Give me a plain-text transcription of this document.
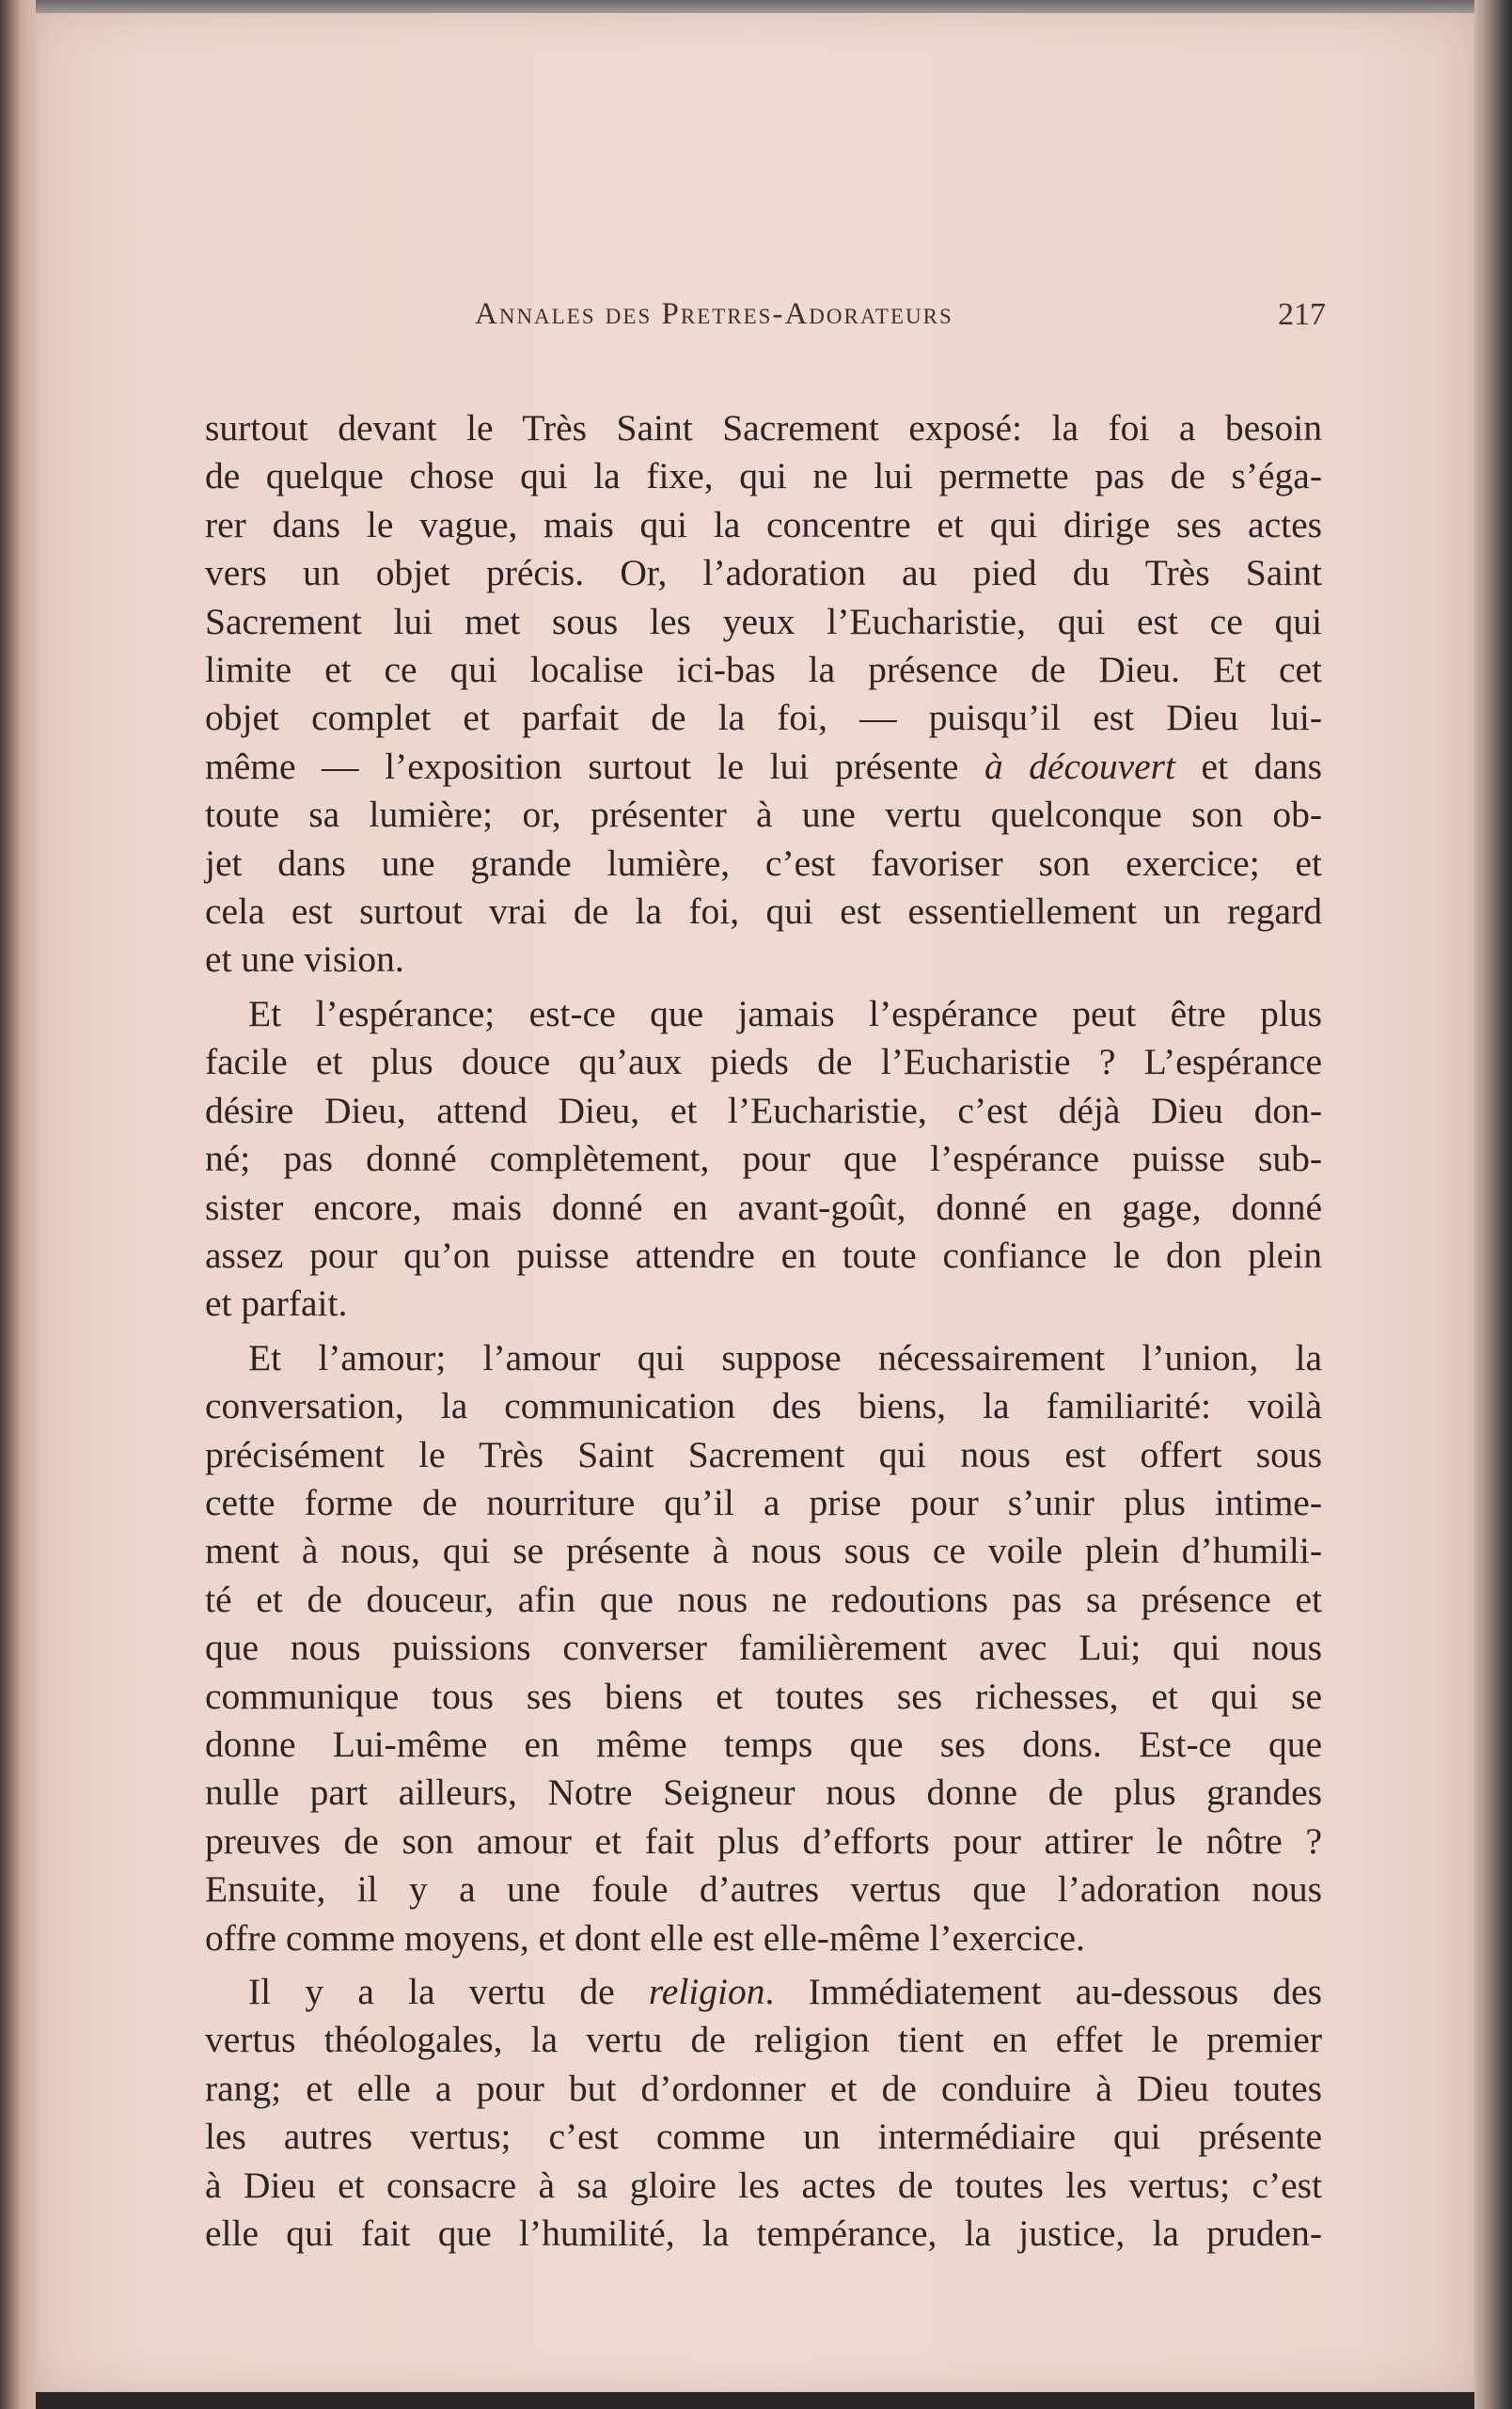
Annales des Pretres-Adorateurs	217

surtout devant le Très Saint Sacrement exposé: la foi a besoin
de quelque chose qui la fixe, qui ne lui permette pas de s’éga-
rer dans le vague, mais qui la concentre et qui dirige ses actes
vers un objet précis. Or, l’adoration au pied du Très Saint
Sacrement lui met sous les yeux l’Eucharistie, qui est ce qui
limite et ce qui localise ici-bas la présence de Dieu. Et cet
objet complet et parfait de la foi, — puisqu’il est Dieu lui-
même — l’exposition surtout le lui présente à découvert et dans
toute sa lumière; or, présenter à une vertu quelconque son ob-
jet dans une grande lumière, c’est favoriser son exercice; et
cela est surtout vrai de la foi, qui est essentiellement un regard
et une vision.

Et l’espérance; est-ce que jamais l’espérance peut être plus
facile et plus douce qu’aux pieds de l’Eucharistie ? L’espérance
désire Dieu, attend Dieu, et l’Eucharistie, c’est déjà Dieu don-
né; pas donné complètement, pour que l’espérance puisse sub-
sister encore, mais donné en avant-goût, donné en gage, donné
assez pour qu’on puisse attendre en toute confiance le don plein
et parfait.

Et l’amour; l’amour qui suppose nécessairement l’union, la
conversation, la communication des biens, la familiarité: voilà
précisément le Très Saint Sacrement qui nous est offert sous
cette forme de nourriture qu’il a prise pour s’unir plus intime-
ment à nous, qui se présente à nous sous ce voile plein d’humili-
té et de douceur, afin que nous ne redoutions pas sa présence et
que nous puissions converser familièrement avec Lui; qui nous
communique tous ses biens et toutes ses richesses, et qui se
donne Lui-même en même temps que ses dons. Est-ce que
nulle part ailleurs, Notre Seigneur nous donne de plus grandes
preuves de son amour et fait plus d’efforts pour attirer le nôtre ?
Ensuite, il y a une foule d’autres vertus que l’adoration nous
offre comme moyens, et dont elle est elle-même l’exercice.

Il y a la vertu de religion. Immédiatement au-dessous des
vertus théologales, la vertu de religion tient en effet le premier
rang; et elle a pour but d’ordonner et de conduire à Dieu toutes
les autres vertus; c’est comme un intermédiaire qui présente
à Dieu et consacre à sa gloire les actes de toutes les vertus; c’est
elle qui fait que l’humilité, la tempérance, la justice, la pruden-
